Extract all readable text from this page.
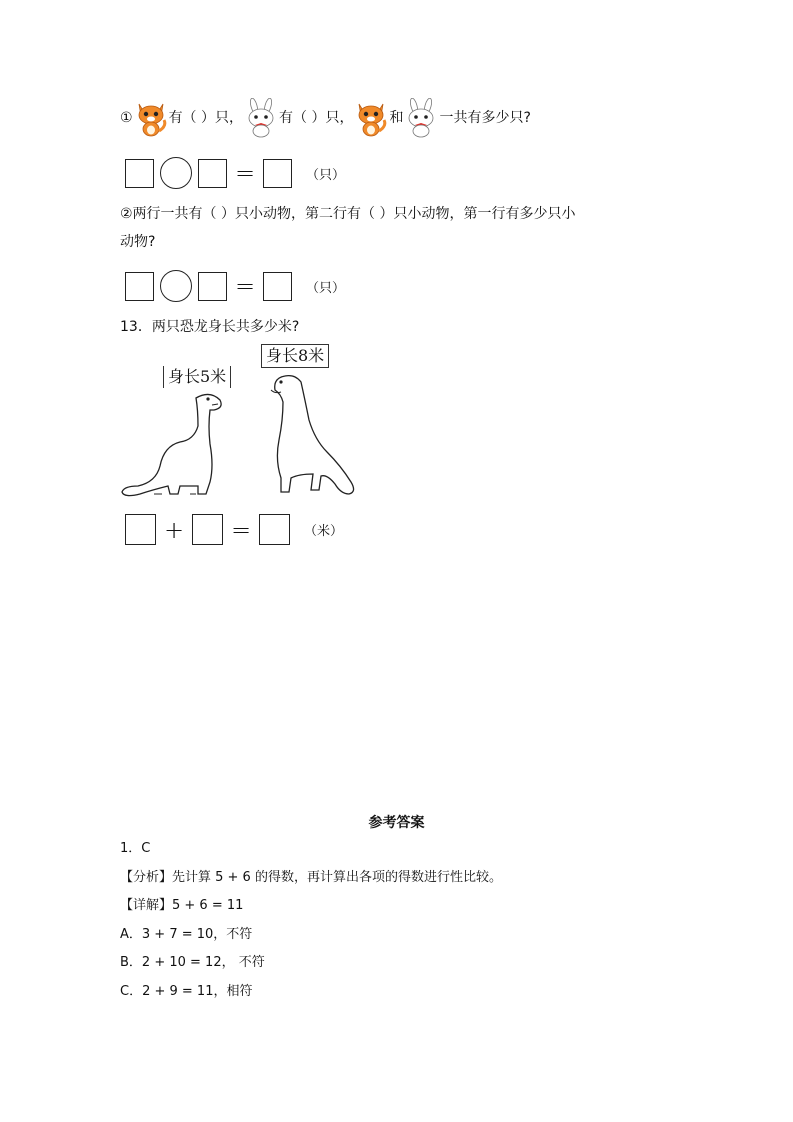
①	有（ ）只，	有（ ）只，	和	一共有多少只?
=	（只）
②两行一共有（ ）只小动物，第二行有（ ）只小动物，第一行有多少只小
动物?
=	（只）
13．两只恐龙身长共多少米?
身长5米
身长8米
+	=	（米）
参考答案
1．C
【分析】先计算 5 + 6 的得数，再计算出各项的得数进行性比较。
【详解】5 + 6 = 11
A．3 + 7 = 10，不符
B．2 + 10 = 12， 不符
C．2 + 9 = 11，相符
